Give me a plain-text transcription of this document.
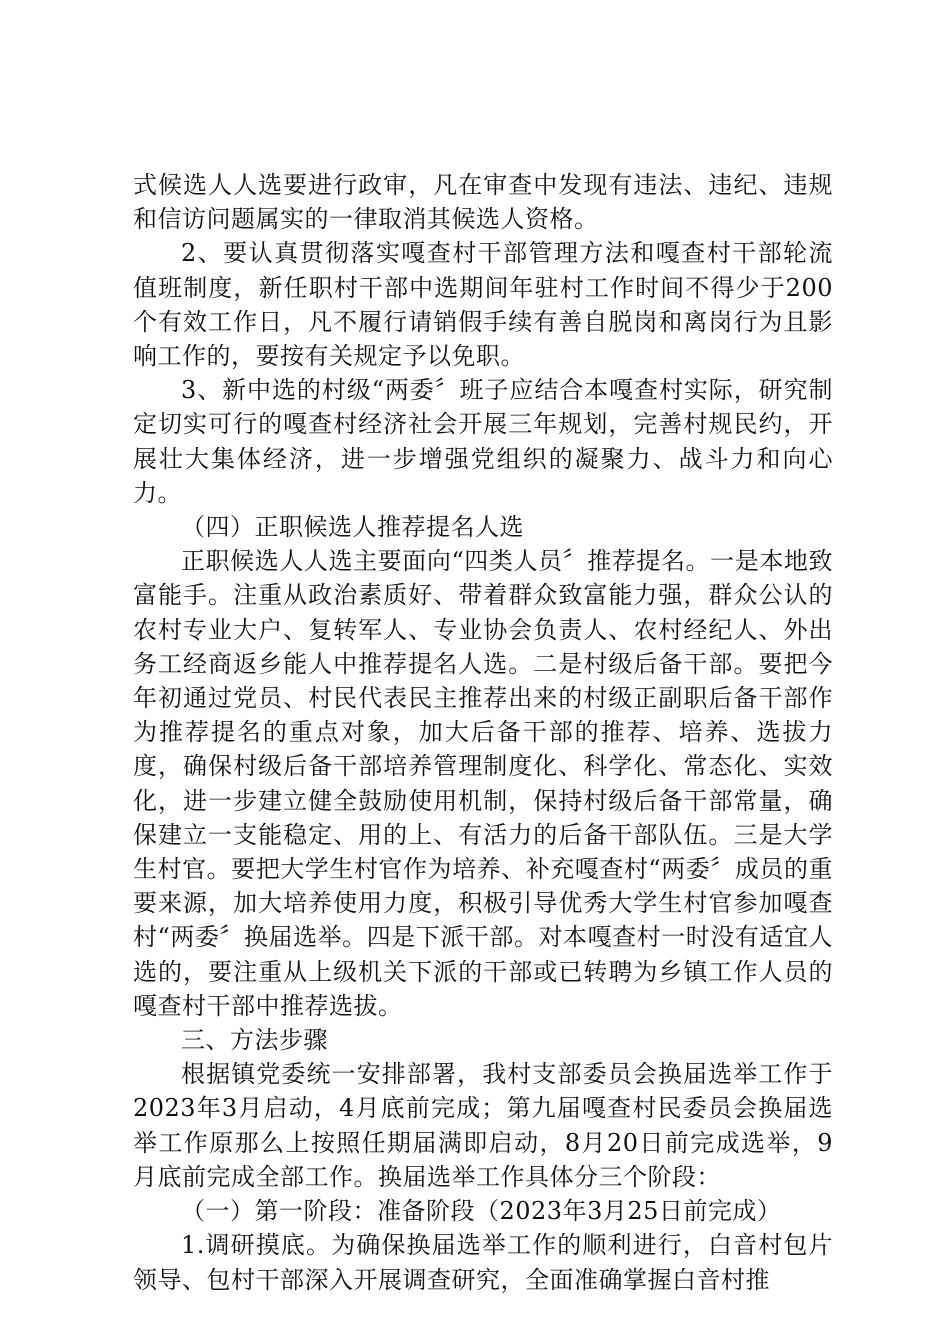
式候选人人选要进行政审，凡在审查中发现有违法、违纪、违规和信访问题属实的一律取消其候选人资格。

2、要认真贯彻落实嘎查村干部管理方法和嘎查村干部轮流值班制度，新任职村干部中选期间年驻村工作时间不得少于200个有效工作日，凡不履行请销假手续有善自脱岗和离岗行为且影响工作的，要按有关规定予以免职。

3、新中选的村级“两委〞班子应结合本嘎查村实际，研究制定切实可行的嘎查村经济社会开展三年规划，完善村规民约，开展壮大集体经济，进一步增强党组织的凝聚力、战斗力和向心力。

（四）正职候选人推荐提名人选

正职候选人人选主要面向“四类人员〞推荐提名。一是本地致富能手。注重从政治素质好、带着群众致富能力强，群众公认的农村专业大户、复转军人、专业协会负责人、农村经纪人、外出务工经商返乡能人中推荐提名人选。二是村级后备干部。要把今年初通过党员、村民代表民主推荐出来的村级正副职后备干部作为推荐提名的重点对象，加大后备干部的推荐、培养、选拔力度，确保村级后备干部培养管理制度化、科学化、常态化、实效化，进一步建立健全鼓励使用机制，保持村级后备干部常量，确保建立一支能稳定、用的上、有活力的后备干部队伍。三是大学生村官。要把大学生村官作为培养、补充嘎查村“两委〞成员的重要来源，加大培养使用力度，积极引导优秀大学生村官参加嘎查村“两委〞换届选举。四是下派干部。对本嘎查村一时没有适宜人选的，要注重从上级机关下派的干部或已转聘为乡镇工作人员的嘎查村干部中推荐选拔。

三、方法步骤

根据镇党委统一安排部署，我村支部委员会换届选举工作于2023年3月启动，4月底前完成；第九届嘎查村民委员会换届选举工作原那么上按照任期届满即启动，8月20日前完成选举，9月底前完成全部工作。换届选举工作具体分三个阶段：

（一）第一阶段：准备阶段（2023年3月25日前完成）

1.调研摸底。为确保换届选举工作的顺利进行，白音村包片领导、包村干部深入开展调查研究，全面准确掌握白音村推
